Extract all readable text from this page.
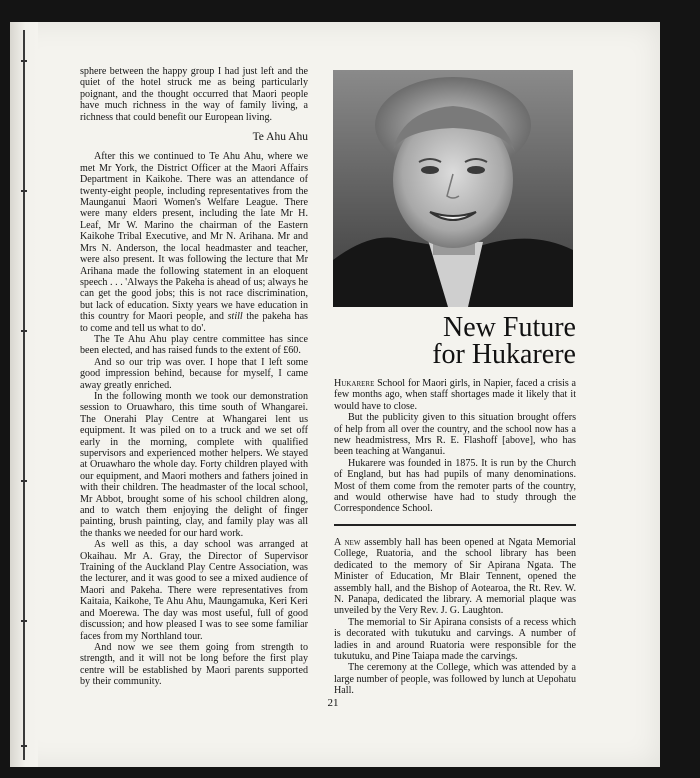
sphere between the happy group I had just left and the quiet of the hotel struck me as being particularly poignant, and the thought occurred that Maori people have much richness in the way of family living, a richness that could benefit our European living.

Te Ahu Ahu

After this we continued to Te Ahu Ahu, where we met Mr York, the District Officer at the Maori Affairs Department in Kaikohe. There was an attendance of twenty-eight people, including representatives from the Maunganui Maori Women's Welfare League. There were many elders present, including the late Mr H. Leaf, Mr W. Marino the chairman of the Eastern Kaikohe Tribal Executive, and Mr N. Arihana. Mr and Mrs N. Anderson, the local headmaster and teacher, were also present. It was following the lecture that Mr Arihana made the following statement in an eloquent speech . . . 'Always the Pakeha is ahead of us; always he can get the good jobs; this is not race discrimination, but lack of education. Sixty years we have education in this country for Maori people, and still the pakeha has to come and tell us what to do'.

The Te Ahu Ahu play centre committee has since been elected, and has raised funds to the extent of £60.

And so our trip was over. I hope that I left some good impression behind, because for myself, I came away greatly enriched.

In the following month we took our demonstration session to Oruawharo, this time south of Whangarei. The Onerahi Play Centre at Whangarei lent us equipment. It was piled on to a truck and we set off early in the morning, complete with qualified supervisors and experienced mother helpers. We stayed at Oruawharo the whole day. Forty children played with our equipment, and Maori mothers and fathers joined in with their children. The headmaster of the local school, Mr Abbot, brought some of his school children along, and to watch them enjoying the delight of finger painting, brush painting, clay, and family play was all the thanks we needed for our hard work.

As well as this, a day school was arranged at Okaihau. Mr A. Gray, the Director of Supervisor Training of the Auckland Play Centre Association, was the lecturer, and it was good to see a mixed audience of Maori and Pakeha. There were representatives from Kaitaia, Kaikohe, Te Ahu Ahu, Maungamuka, Keri Keri and Moerewa. The day was most useful, full of good discussion; and how pleased I was to see some familiar faces from my Northland tour.

And now we see them going from strength to strength, and it will not be long before the first play centre will be established by Maori parents supported by their community.

New Future
for Hukarere

Hukarere School for Maori girls, in Napier, faced a crisis a few months ago, when staff shortages made it likely that it would have to close.

But the publicity given to this situation brought offers of help from all over the country, and the school now has a new headmistress, Mrs R. E. Flashoff [above], who has been teaching at Wanganui.

Hukarere was founded in 1875. It is run by the Church of England, but has had pupils of many denominations. Most of them come from the remoter parts of the country, and would otherwise have had to study through the Correspondence School.

A new assembly hall has been opened at Ngata Memorial College, Ruatoria, and the school library has been dedicated to the memory of Sir Apirana Ngata. The Minister of Education, Mr Blair Tennent, opened the assembly hall, and the Bishop of Aotearoa, the Rt. Rev. W. N. Panapa, dedicated the library. A memorial plaque was unveiled by the Very Rev. J. G. Laughton.

The memorial to Sir Apirana consists of a recess which is decorated with tukutuku and carvings. A number of ladies in and around Ruatoria were responsible for the tukutuku, and Pine Taiapa made the carvings.

The ceremony at the College, which was attended by a large number of people, was followed by lunch at Uepohatu Hall.

21
